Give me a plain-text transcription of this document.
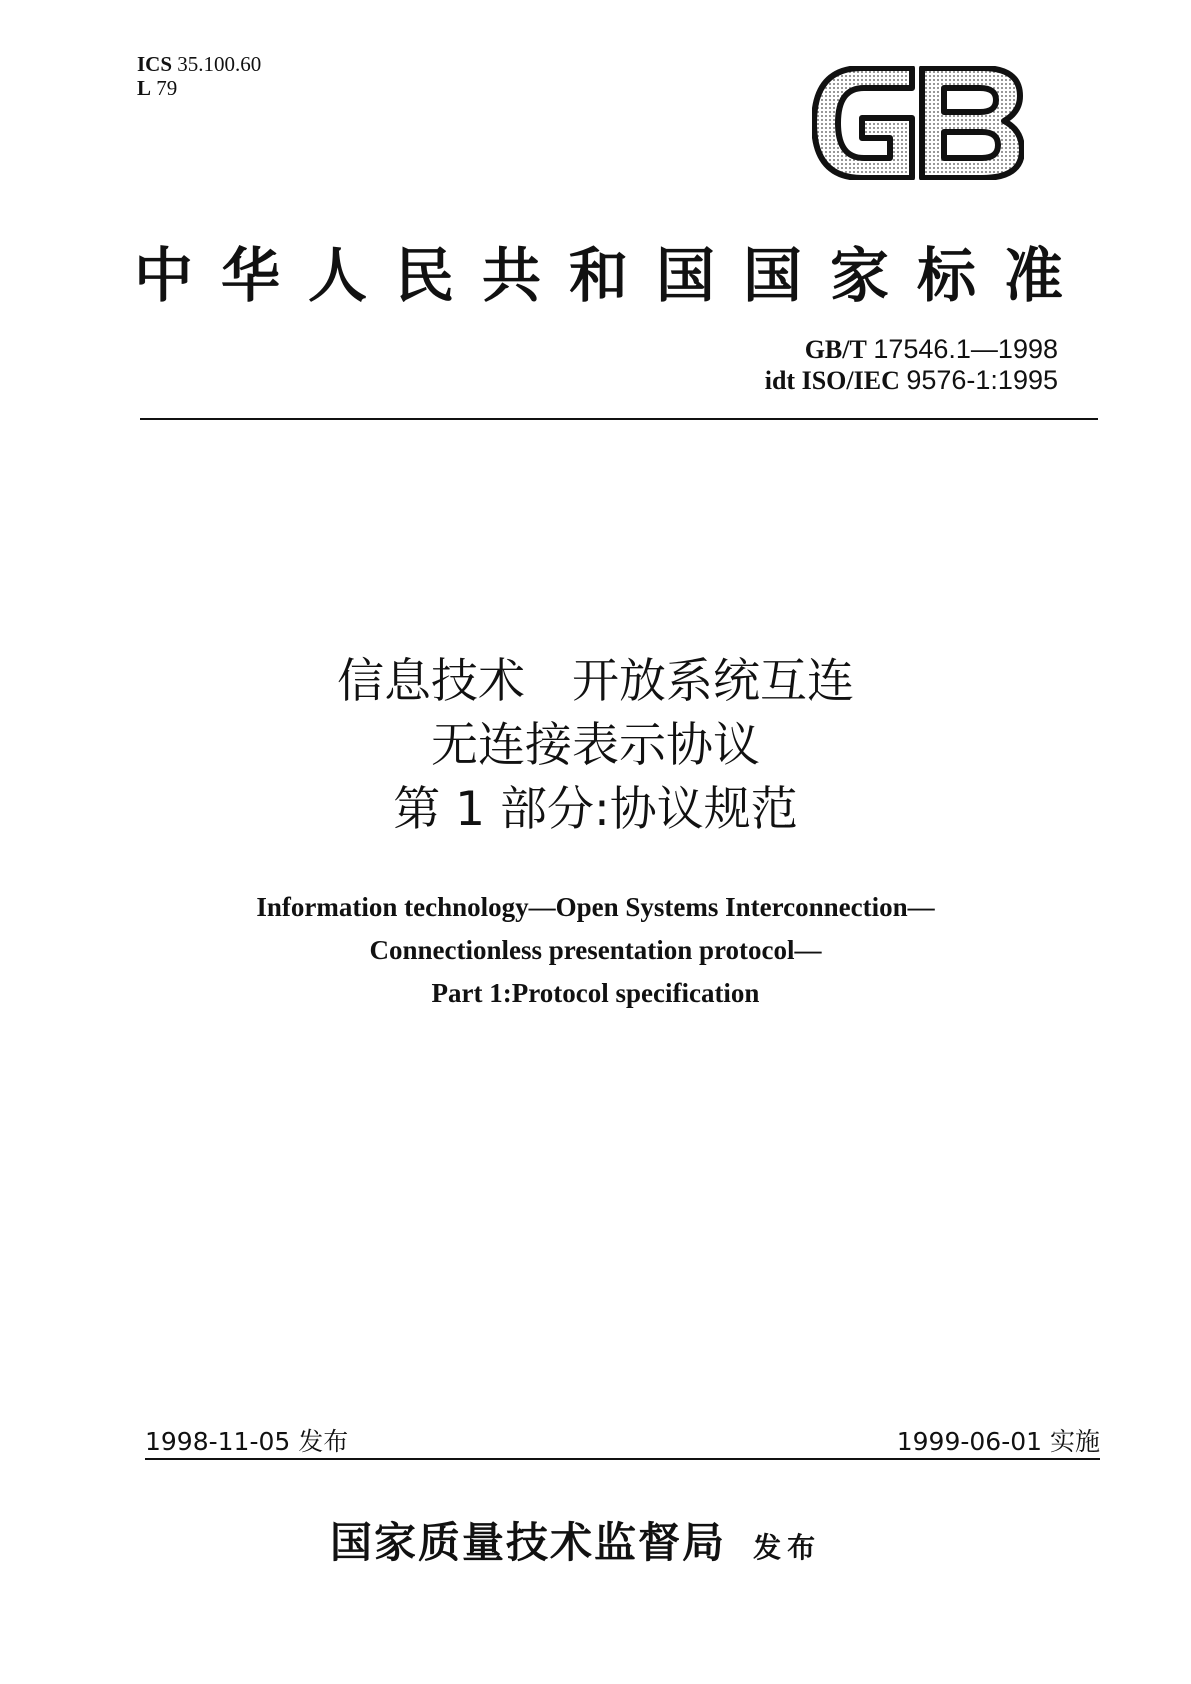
ICS 35.100.60
L 79
中华人民共和国国家标准
GB/T 17546.1—1998
idt ISO/IEC 9576-1:1995
信息技术　开放系统互连
无连接表示协议
第 1 部分:协议规范
Information technology—Open Systems Interconnection—
Connectionless presentation protocol—
Part 1:Protocol specification
1998-11-05 发布	1999-06-01 实施
国家质量技术监督局 发布
